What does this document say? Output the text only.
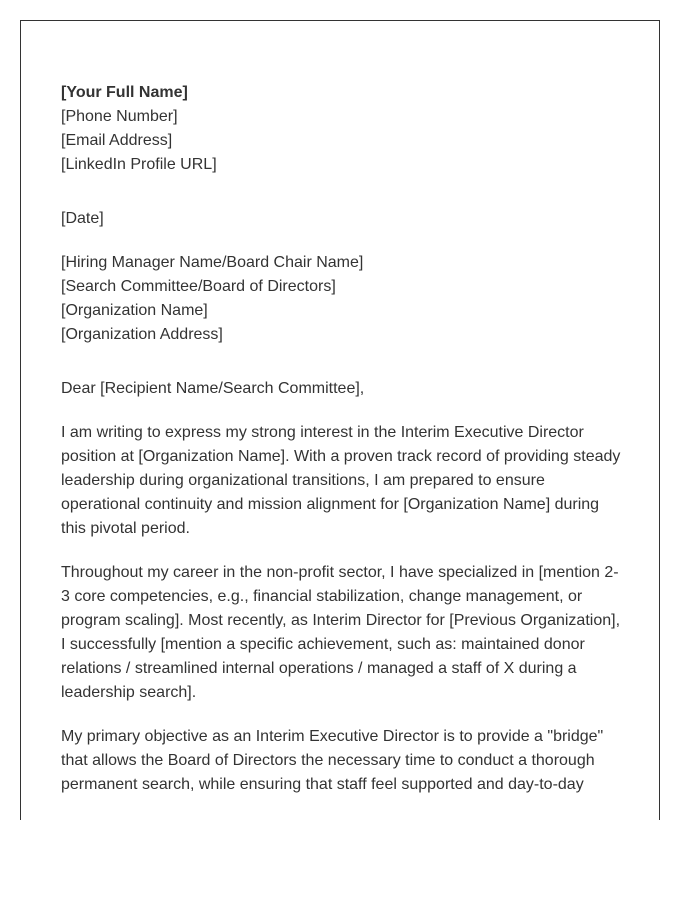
[Your Full Name]
[Phone Number]
[Email Address]
[LinkedIn Profile URL]
[Date]
[Hiring Manager Name/Board Chair Name]
[Search Committee/Board of Directors]
[Organization Name]
[Organization Address]
Dear [Recipient Name/Search Committee],
I am writing to express my strong interest in the Interim Executive Director
position at [Organization Name]. With a proven track record of providing steady
leadership during organizational transitions, I am prepared to ensure
operational continuity and mission alignment for [Organization Name] during
this pivotal period.
Throughout my career in the non-profit sector, I have specialized in [mention 2-
3 core competencies, e.g., financial stabilization, change management, or
program scaling]. Most recently, as Interim Director for [Previous Organization],
I successfully [mention a specific achievement, such as: maintained donor
relations / streamlined internal operations / managed a staff of X during a
leadership search].
My primary objective as an Interim Executive Director is to provide a "bridge"
that allows the Board of Directors the necessary time to conduct a thorough
permanent search, while ensuring that staff feel supported and day-to-day
